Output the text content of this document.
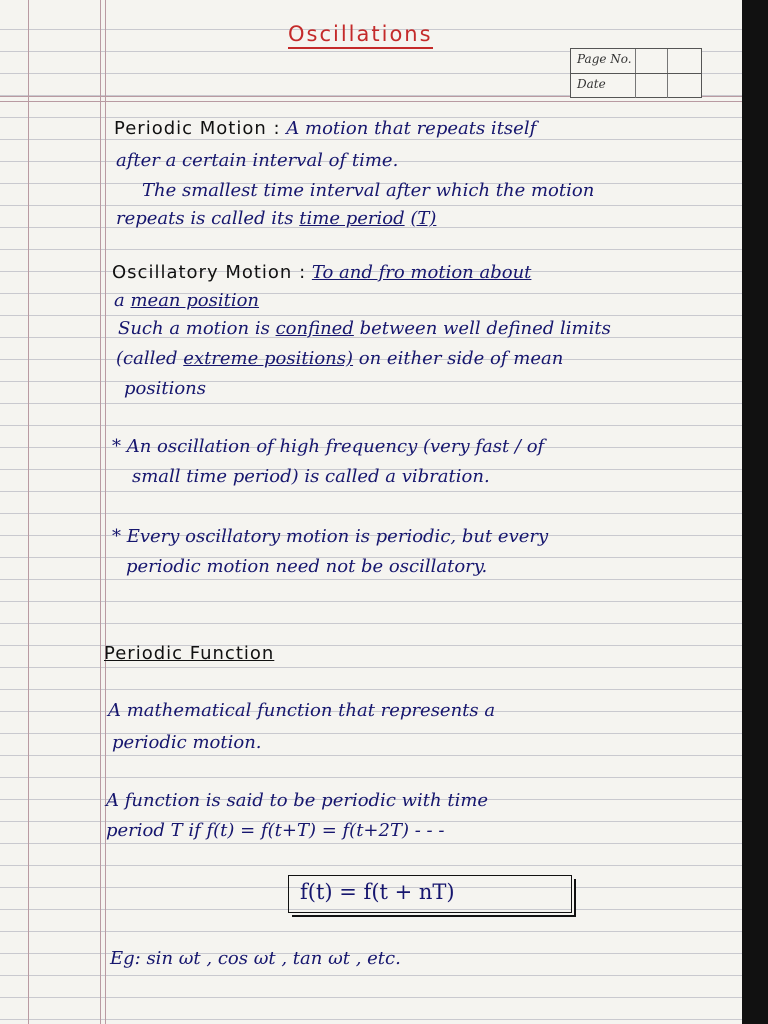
Oscillations
Page No.
Date
Periodic Motion : A motion that repeats itself
after a certain interval of time.
The smallest time interval after which the motion
repeats is called its time period (T)
Oscillatory Motion : To and fro motion about
a mean position
Such a motion is confined between well defined limits
(called extreme positions) on either side of mean
positions
* An oscillation of high frequency (very fast / of
small time period) is called a vibration.
* Every oscillatory motion is periodic, but every
periodic motion need not be oscillatory.
Periodic Function
A mathematical function that represents a
periodic motion.
A function is said to be periodic with time
period T if f(t) = f(t+T) = f(t+2T) - - -
f(t) = f(t + nT)
Eg: sin ωt , cos ωt , tan ωt , etc.
